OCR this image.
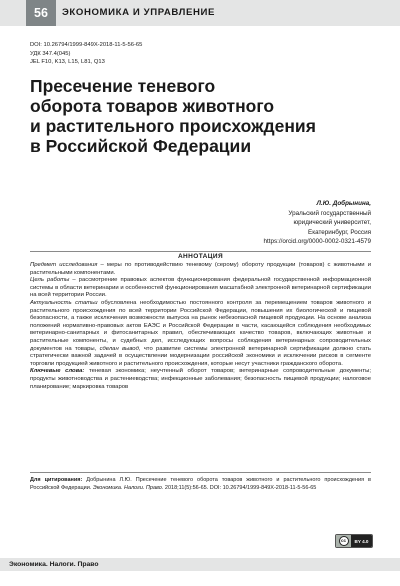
56	ЭКОНОМИКА И УПРАВЛЕНИЕ
DOI: 10.26794/1999-849X-2018-11-5-56-65
УДК 347.4(045)
JEL F10, K13, L15, L81, Q13
Пресечение теневого
оборота товаров животного
и растительного происхождения
в Российской Федерации
Л.Ю. Добрынина,
Уральский государственный
юридический университет,
Екатеринбург, Россия
https://orcid.org/0000-0002-0321-4579
АННОТАЦИЯ

Предмет исследования – меры по противодействию теневому (серому) обороту продукции (товаров) с животными и растительными компонентами.

Цель работы – рассмотрение правовых аспектов функционирования федеральной государственной информационной системы в области ветеринарии и особенностей функционирования масштабной электронной ветеринарной сертификации на всей территории России.

Актуальность статьи обусловлена необходимостью постоянного контроля за перемещением товаров животного и растительного происхождения по всей территории Российской Федерации, повышения их биологической и пищевой безопасности, а также исключения возможности выпуска на рынок небезопасной пищевой продукции. На основе анализа положений нормативно-правовых актов ЕАЭС и Российской Федерации в части, касающейся соблюдения необходимых ветеринарно-санитарных и фитосанитарных правил, обеспечивающих качество товаров, включающих животные и растительные компоненты, и судебных дел, исследующих вопросы соблюдения ветеринарных сопроводительных документов на товары, сделан вывод, что развитие системы электронной ветеринарной сертификации должно стать стратегически важной задачей в осуществлении модернизации российской экономики и исключении рисков в сегменте торговли продукцией животного и растительного происхождения, которые несут участники гражданского оборота.

Ключевые слова: теневая экономика; неучтенный оборот товаров; ветеринарные сопроводительные документы; продукты животноводства и растениеводства; инфекционные заболевания; безопасность пищевой продукции; налоговое планирование; маркировка товаров

Для цитирования: Добрынина Л.Ю. Пресечение теневого оборота товаров животного и растительного происхождения в Российской Федерации. Экономика. Налоги. Право. 2018;11(5):56-65. DOI: 10.26794/1999-849X-2018-11-5-56-65
cc	BY 4.0
Экономика. Налоги. Право
